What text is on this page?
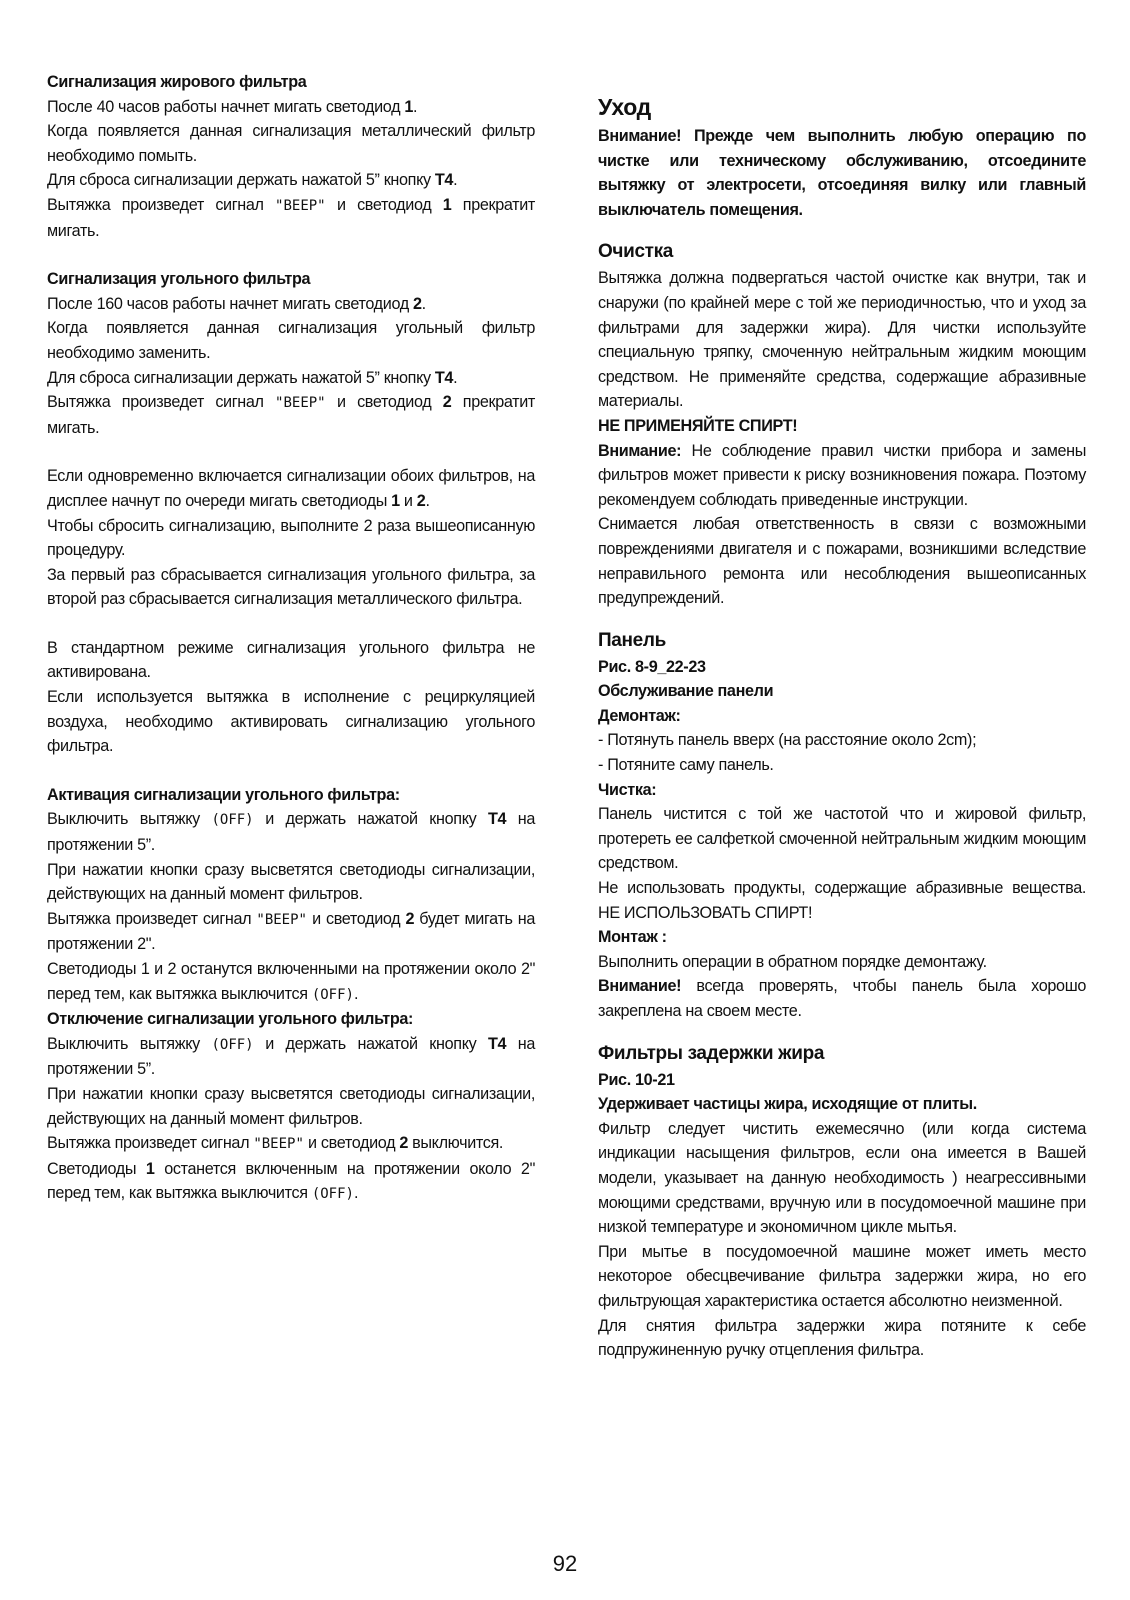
Сигнализация жирового фильтра

После 40 часов работы начнет мигать светодиод 1.

Когда появляется данная сигнализация металлический фильтр необходимо помыть.

Для сброса сигнализации держать нажатой 5” кнопку T4.

Вытяжка произведет сигнал "BEEP" и светодиод 1 прекратит мигать.

Сигнализация угольного фильтра

После 160 часов работы начнет мигать светодиод 2.

Когда появляется данная сигнализация угольный фильтр необходимо заменить.

Для сброса сигнализации держать нажатой 5” кнопку T4.

Вытяжка произведет сигнал "BEEP" и светодиод 2 прекратит мигать.

Если одновременно включается сигнализации обоих фильтров, на дисплее начнут по очереди мигать светодиоды 1 и 2.

Чтобы сбросить сигнализацию, выполните 2 раза вышеописанную процедуру.

За первый раз сбрасывается сигнализация угольного фильтра, за второй раз сбрасывается сигнализация металлического фильтра.

В стандартном режиме сигнализация угольного фильтра не активирована.

Если используется вытяжка в исполнение с рециркуляцией воздуха, необходимо активировать сигнализацию угольного фильтра.

Активация сигнализации угольного фильтра:

Выключить вытяжку (OFF) и держать нажатой кнопку T4 на протяжении 5”.

При нажатии кнопки сразу высветятся светодиоды сигнализации, действующих на данный момент фильтров.

Вытяжка произведет сигнал "BEEP" и светодиод 2 будет мигать на протяжении 2".

Светодиоды 1 и 2 останутся включенными на протяжении около 2" перед тем, как вытяжка выключится (OFF).

Отключение сигнализации угольного фильтра:

Выключить вытяжку (OFF) и держать нажатой кнопку T4 на протяжении 5”.

При нажатии кнопки сразу высветятся светодиоды сигнализации, действующих на данный момент фильтров.

Вытяжка произведет сигнал "BEEP" и светодиод 2 выключится.

Светодиоды 1 останется включенным на протяжении около 2" перед тем, как вытяжка выключится (OFF).

Уход

Внимание! Прежде чем выполнить любую операцию по чистке или техническому обслуживанию, отсоедините вытяжку от электросети, отсоединяя вилку или главный выключатель помещения.

Очистка

Вытяжка должна подвергаться частой очистке как внутри, так и снаружи (по крайней мере с той же периодичностью, что и уход за фильтрами для задержки жира). Для чистки используйте специальную тряпку, смоченную нейтральным жидким моющим средством. Не применяйте средства, содержащие абразивные материалы.

НЕ ПРИМЕНЯЙТЕ СПИРТ!

Внимание: Не соблюдение правил чистки прибора и замены фильтров может привести к риску возникновения пожара. Поэтому рекомендуем соблюдать приведенные инструкции.

Снимается любая ответственность в связи с возможными повреждениями двигателя и с пожарами, возникшими вследствие неправильного ремонта или несоблюдения вышеописанных предупреждений.

Панель

Рис. 8-9_22-23

Обслуживание панели

Демонтаж:

- Потянуть панель вверх (на расстояние около 2cm);

- Потяните саму панель.

Чистка:

Панель чистится с той же частотой что и жировой фильтр, протереть ее салфеткой смоченной нейтральным жидким моющим средством.

Не использовать продукты, содержащие абразивные вещества. НЕ ИСПОЛЬЗОВАТЬ СПИРТ!

Монтаж :

Выполнить операции в обратном порядке демонтажу.

Внимание! всегда проверять, чтобы панель была хорошо закреплена на своем месте.

Фильтры задержки жира

Рис. 10-21

Удерживает частицы жира, исходящие от плиты.

Фильтр следует чистить ежемесячно (или когда система индикации насыщения фильтров, если она имеется в Вашей модели, указывает на данную необходимость ) неагрессивными моющими средствами, вручную или в посудомоечной машине при низкой температуре и экономичном цикле мытья.

При мытье в посудомоечной машине может иметь место некоторое обесцвечивание фильтра задержки жира, но его фильтрующая характеристика остается абсолютно неизменной.

Для снятия фильтра задержки жира потяните к себе подпружиненную ручку отцепления фильтра.

92
